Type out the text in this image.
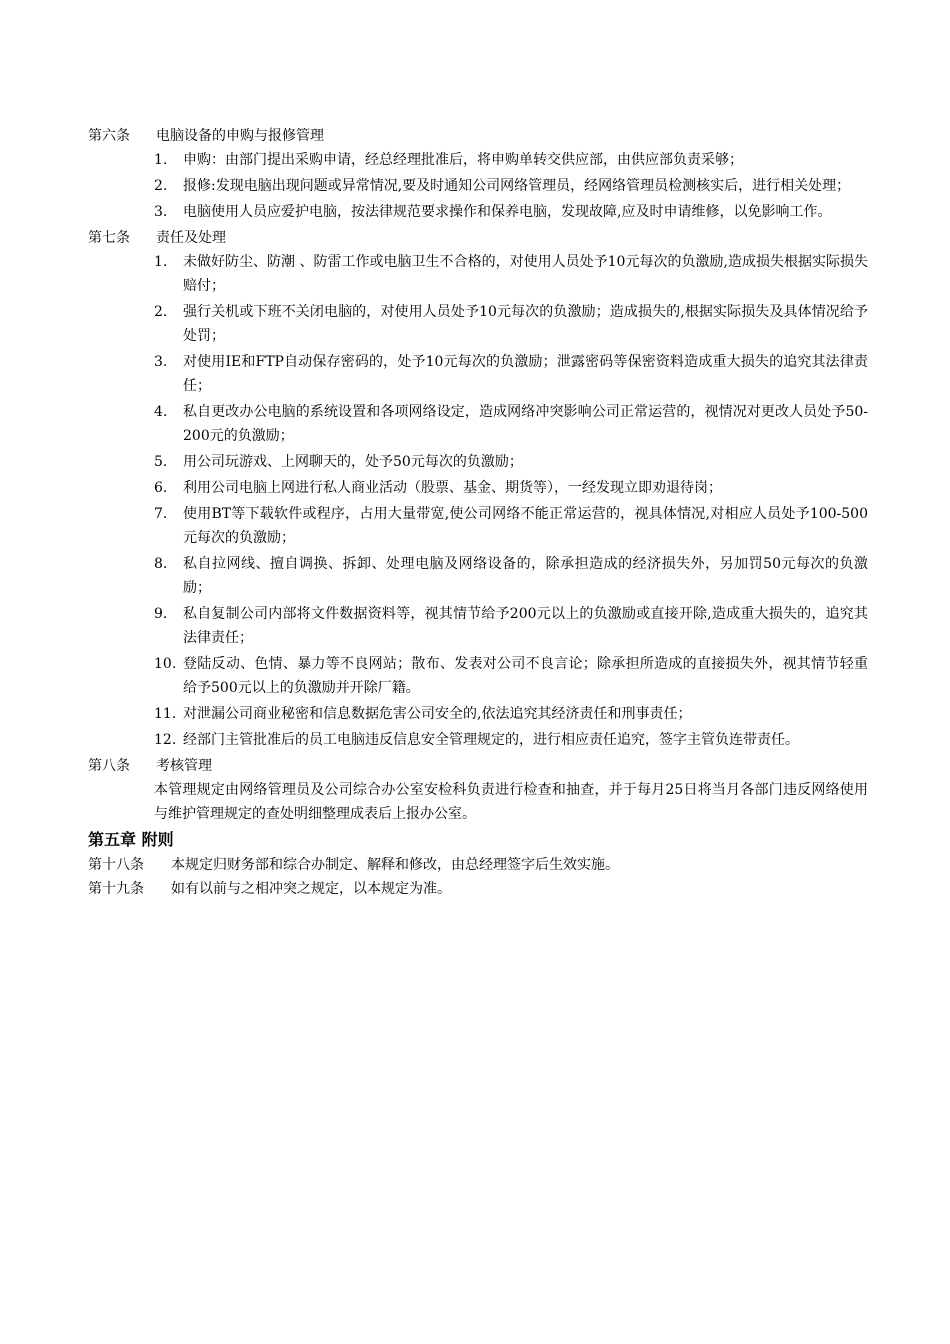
第六条	电脑设备的申购与报修管理
1.	申购：由部门提出采购申请，经总经理批准后，将申购单转交供应部，由供应部负责采够；
2.	报修:发现电脑出现问题或异常情况,要及时通知公司网络管理员，经网络管理员检测核实后，进行相关处理；
3.	电脑使用人员应爱护电脑，按法律规范要求操作和保养电脑，发现故障,应及时申请维修，以免影响工作。
第七条	责任及处理
1.	未做好防尘、防潮 、防雷工作或电脑卫生不合格的，对使用人员处予10元每次的负激励,造成损失根据实际损失赔付；
2.	强行关机或下班不关闭电脑的，对使用人员处予10元每次的负激励；造成损失的,根据实际损失及具体情况给予处罚；
3.	对使用IE和FTP自动保存密码的，处予10元每次的负激励；泄露密码等保密资料造成重大损失的追究其法律责任；
4.	私自更改办公电脑的系统设置和各项网络设定，造成网络冲突影响公司正常运营的，视情况对更改人员处予50-200元的负激励；
5.	用公司玩游戏、上网聊天的，处予50元每次的负激励；
6.	利用公司电脑上网进行私人商业活动（股票、基金、期货等），一经发现立即劝退待岗；
7.	使用BT等下载软件或程序，占用大量带宽,使公司网络不能正常运营的，视具体情况,对相应人员处予100-500元每次的负激励；
8.	私自拉网线、擅自调换、拆卸、处理电脑及网络设备的，除承担造成的经济损失外，另加罚50元每次的负激励；
9.	私自复制公司内部将文件数据资料等，视其情节给予200元以上的负激励或直接开除,造成重大损失的，追究其法律责任；
10. 登陆反动、色情、暴力等不良网站；散布、发表对公司不良言论；除承担所造成的直接损失外，视其情节轻重给予500元以上的负激励并开除厂籍。
11. 对泄漏公司商业秘密和信息数据危害公司安全的,依法追究其经济责任和刑事责任；
12. 经部门主管批准后的员工电脑违反信息安全管理规定的，进行相应责任追究，签字主管负连带责任。
第八条	考核管理
本管理规定由网络管理员及公司综合办公室安检科负责进行检查和抽查，并于每月25日将当月各部门违反网络使用与维护管理规定的查处明细整理成表后上报办公室。
第五章 附则
第十八条	本规定归财务部和综合办制定、解释和修改，由总经理签字后生效实施。
第十九条	如有以前与之相冲突之规定，以本规定为准。
